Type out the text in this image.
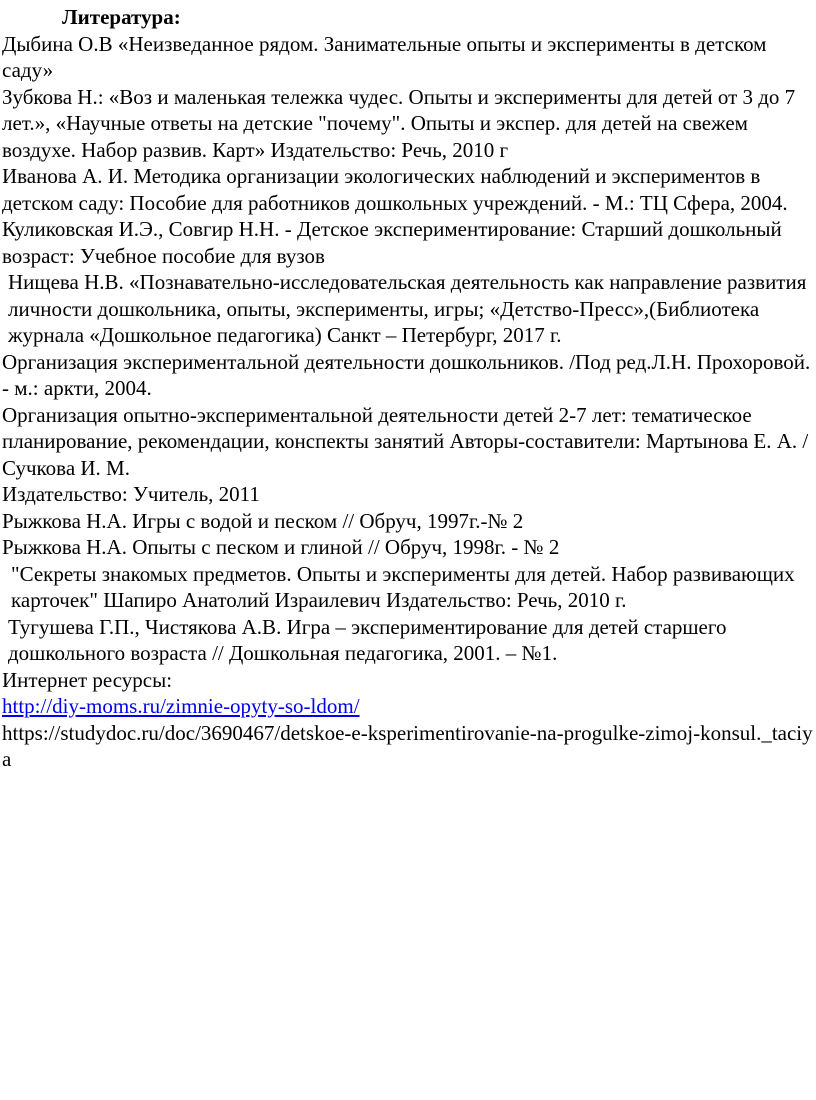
Литература:
Дыбина О.В «Неизведанное рядом. Занимательные опыты и эксперименты в детском саду»
Зубкова Н.: «Воз и маленькая тележка чудес. Опыты и эксперименты для детей от 3 до 7 лет.», «Научные ответы на детские "почему". Опыты и экспер. для детей на свежем воздухе. Набор развив. Карт» Издательство: Речь, 2010 г
Иванова А. И. Методика организации экологических наблюдений и экспериментов в детском саду: Пособие для работников дошкольных учреждений. - М.: ТЦ Сфера, 2004.
Куликовская И.Э., Совгир Н.Н. - Детское экспериментирование: Старший дошкольный возраст: Учебное пособие для вузов
Нищева Н.В. «Познавательно-исследовательская деятельность как направление развития личности дошкольника, опыты, эксперименты, игры; «Детство-Пресс»,(Библиотека журнала «Дошкольное педагогика) Санкт – Петербург, 2017 г.
Организация экспериментальной деятельности дошкольников. /Под ред.Л.Н. Прохоровой. - м.: аркти, 2004.
Организация опытно-экспериментальной деятельности детей 2-7 лет: тематическое планирование, рекомендации, конспекты занятий Авторы-составители: Мартынова Е. А. / Сучкова И. М.
Издательство: Учитель, 2011
Рыжкова Н.А. Игры с водой и песком // Обруч, 1997г.-№ 2
Рыжкова Н.А. Опыты с песком и глиной // Обруч, 1998г. - № 2
"Секреты знакомых предметов. Опыты и эксперименты для детей. Набор развивающих карточек" Шапиро Анатолий Израилевич Издательство: Речь, 2010 г.
Тугушева Г.П., Чистякова А.В. Игра – экспериментирование для детей старшего дошкольного возраста // Дошкольная педагогика, 2001. – №1.
Интернет ресурсы:
http://diy-moms.ru/zimnie-opyty-so-ldom/
https://studydoc.ru/doc/3690467/detskoe-e-ksperimentirovanie-na-progulke-zimoj-konsul._taciya
